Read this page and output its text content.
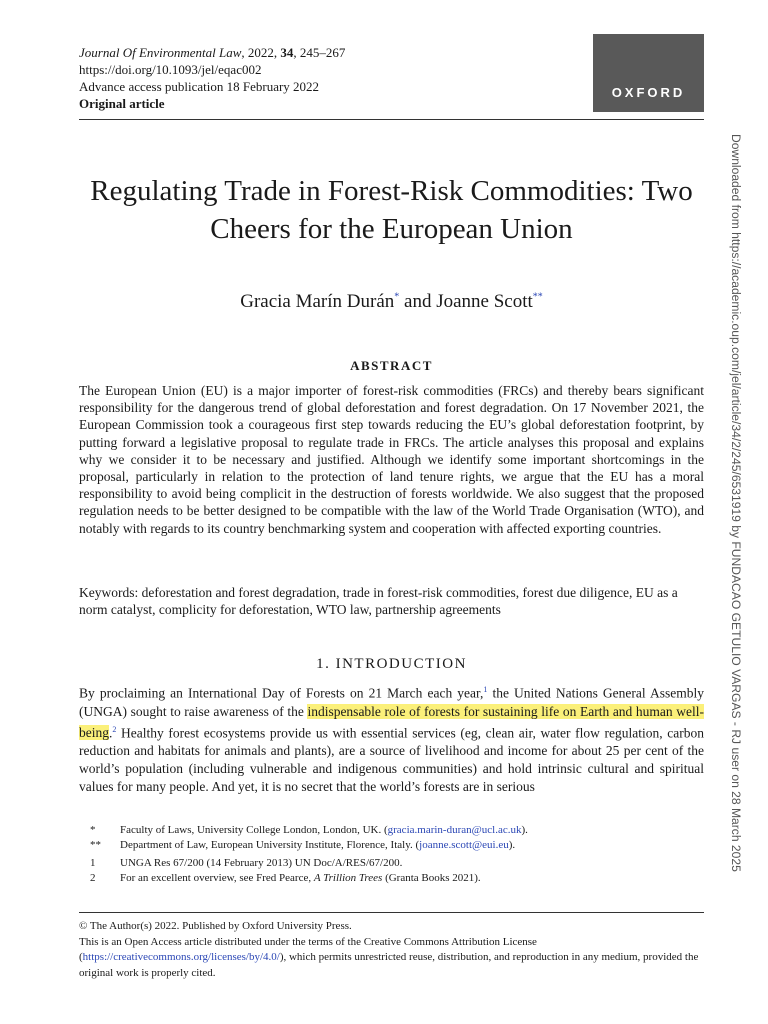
Journal Of Environmental Law, 2022, 34, 245–267
https://doi.org/10.1093/jel/eqac002
Advance access publication 18 February 2022
Original article
OXFORD
Regulating Trade in Forest-Risk Commodities: Two Cheers for the European Union
Gracia Marín Durán* and Joanne Scott**
ABSTRACT

The European Union (EU) is a major importer of forest-risk commodities (FRCs) and thereby bears significant responsibility for the dangerous trend of global deforestation and forest degradation. On 17 November 2021, the European Commission took a courageous first step towards reducing the EU’s global deforestation footprint, by putting forward a legislative proposal to regulate trade in FRCs. The article analyses this proposal and explains why we consider it to be necessary and justified. Although we identify some important shortcomings in the proposal, particularly in relation to the protection of land tenure rights, we argue that the EU has a moral responsibility to avoid being complicit in the destruction of forests worldwide. We also suggest that the proposed regulation needs to be better designed to be compatible with the law of the World Trade Organisation (WTO), and notably with regards to its country benchmarking system and cooperation with affected exporting countries.

Keywords: deforestation and forest degradation, trade in forest-risk commodities, forest due diligence, EU as a norm catalyst, complicity for deforestation, WTO law, partnership agreements

1. INTRODUCTION

By proclaiming an International Day of Forests on 21 March each year,$^1$ the United Nations General Assembly (UNGA) sought to raise awareness of the indispensable role of forests for sustaining life on Earth and human well-being.$^2$ Healthy forest ecosystems provide us with essential services (eg, clean air, water flow regulation, carbon reduction and habitats for animals and plants), are a source of livelihood and income for about 25 per cent of the world’s population (including vulnerable and indigenous communities) and hold intrinsic cultural and spiritual values for many people. And yet, it is no secret that the world’s forests are in serious

*	Faculty of Laws, University College London, London, UK. (gracia.marin-duran@ucl.ac.uk).
**	Department of Law, European University Institute, Florence, Italy. (joanne.scott@eui.eu).
1	UNGA Res 67/200 (14 February 2013) UN Doc/A/RES/67/200.
2	For an excellent overview, see Fred Pearce, A Trillion Trees (Granta Books 2021).
© The Author(s) 2022. Published by Oxford University Press.
This is an Open Access article distributed under the terms of the Creative Commons Attribution License (https://creativecommons.org/licenses/by/4.0/), which permits unrestricted reuse, distribution, and reproduction in any medium, provided the original work is properly cited.
Downloaded from https://academic.oup.com/jel/article/34/2/245/6531919 by FUNDACAO GETULIO VARGAS - RJ user on 28 March 2025
